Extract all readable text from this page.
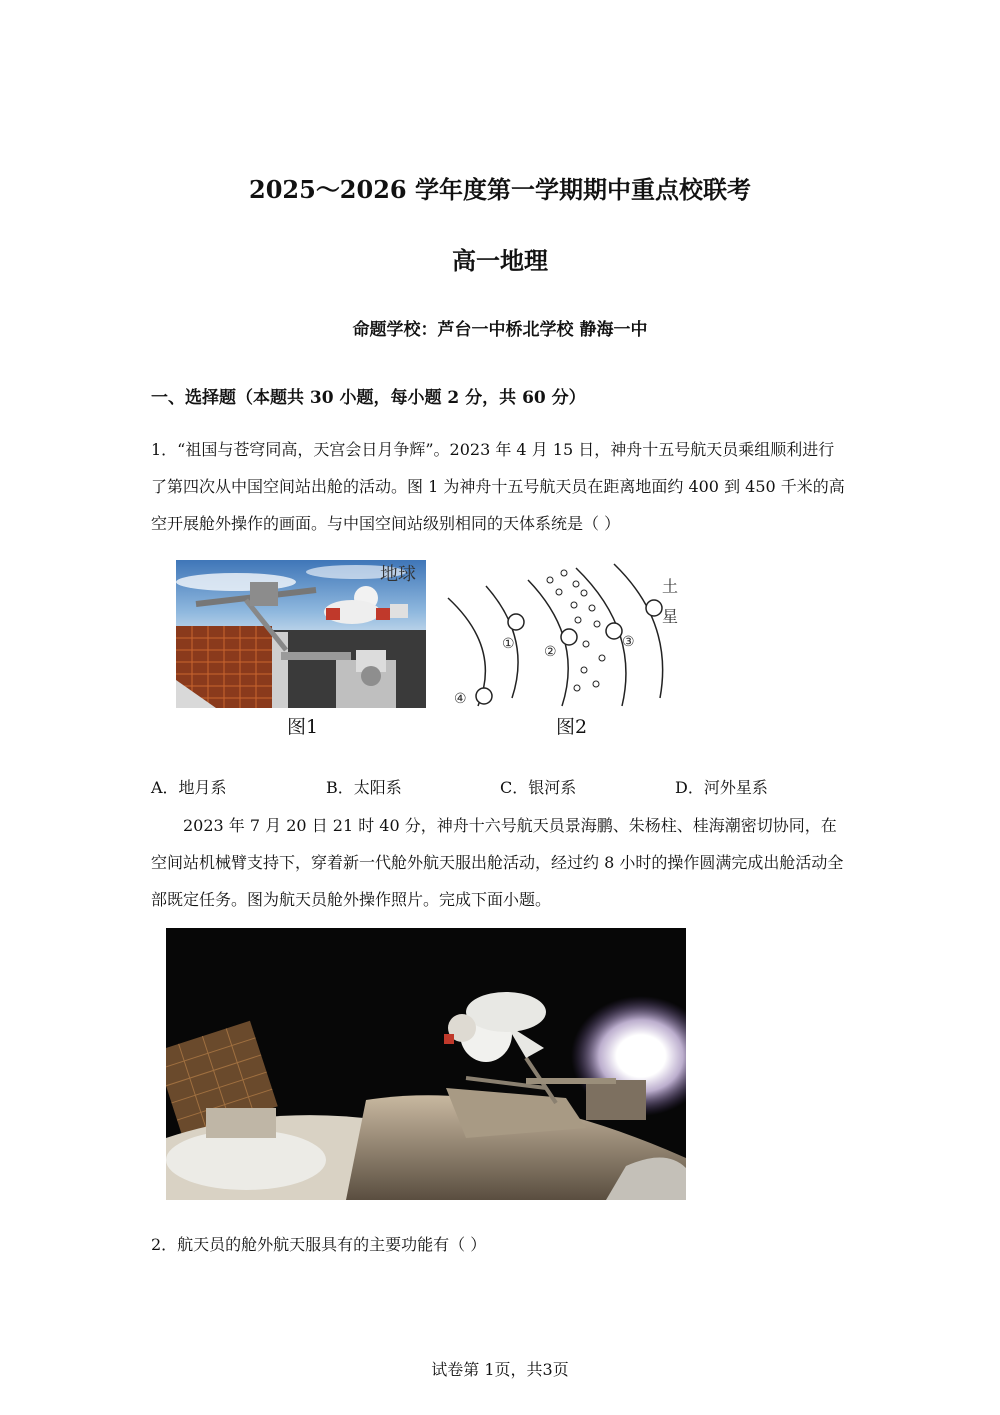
2025～2026 学年度第一学期期中重点校联考
高一地理
命题学校：芦台一中桥北学校 静海一中
一、选择题（本题共 30 小题，每小题 2 分，共 60 分）
1．“祖国与苍穹同高，天宫会日月争辉”。2023 年 4 月 15 日，神舟十五号航天员乘组顺利进行了第四次从中国空间站出舱的活动。图 1 为神舟十五号航天员在距离地面约 400 到 450 千米的高空开展舱外操作的画面。与中国空间站级别相同的天体系统是（ ）
地球
图1
④
① ②
③
土
星
图2
A．地月系	B．太阳系	C．银河系	D．河外星系
2023 年 7 月 20 日 21 时 40 分，神舟十六号航天员景海鹏、朱杨柱、桂海潮密切协同，在空间站机械臂支持下，穿着新一代舱外航天服出舱活动，经过约 8 小时的操作圆满完成出舱活动全部既定任务。图为航天员舱外操作照片。完成下面小题。
2．航天员的舱外航天服具有的主要功能有（ ）
试卷第 1页，共3页
